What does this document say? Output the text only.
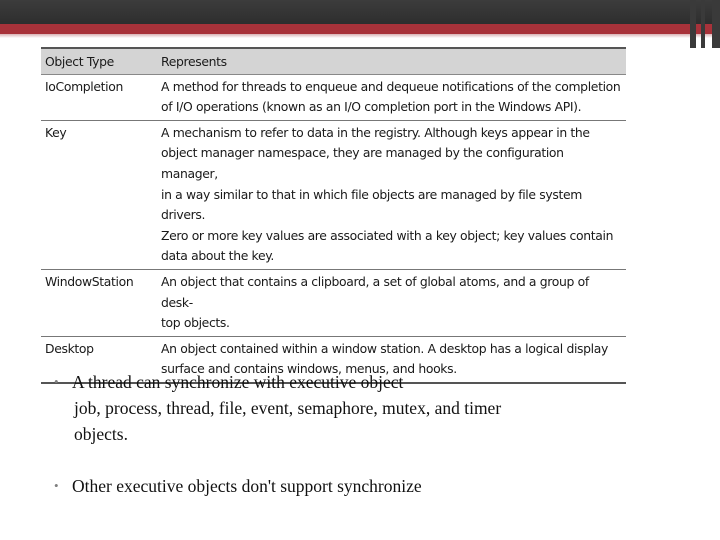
Object Type	Represents
IoCompletion	A method for threads to enqueue and dequeue notifications of the completion
of I/O operations (known as an I/O completion port in the Windows API).

Key	A mechanism to refer to data in the registry. Although keys appear in the
object manager namespace, they are managed by the configuration manager,
in a way similar to that in which file objects are managed by file system drivers.
Zero or more key values are associated with a key object; key values contain
data about the key.

WindowStation	An object that contains a clipboard, a set of global atoms, and a group of desk-
top objects.

Desktop	An object contained within a window station. A desktop has a logical display
surface and contains windows, menus, and hooks.
• A thread can synchronize with executive object
job, process, thread, file, event, semaphore, mutex, and timer
objects.
• Other executive objects don't support synchronize
